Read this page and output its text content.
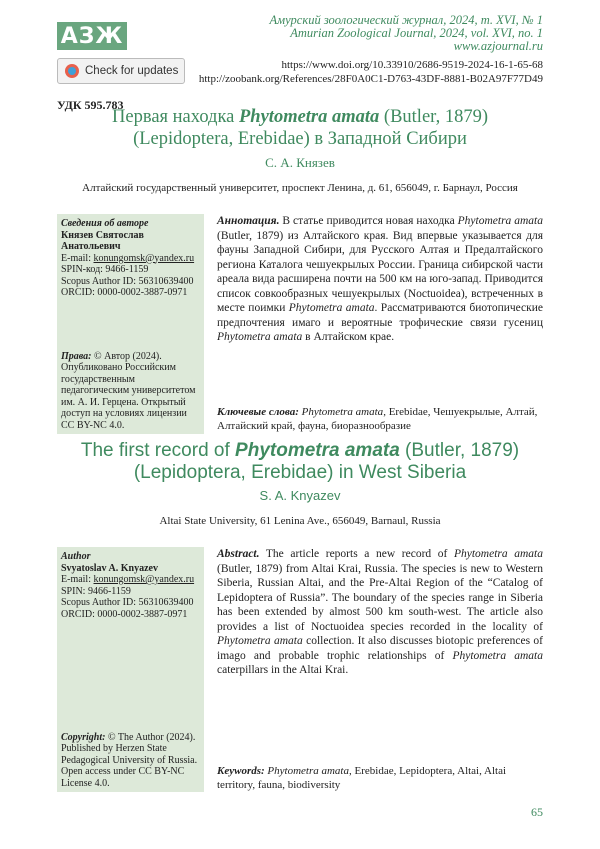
АЗЖ
Амурский зоологический журнал, 2024, т. XVI, № 1
Amurian Zoological Journal, 2024, vol. XVI, no. 1
www.azjournal.ru
Check for updates	https://www.doi.org/10.33910/2686-9519-2024-16-1-65-68
http://zoobank.org/References/28F0A0C1-D763-43DF-8881-B02A97F77D49
УДК 595.783
Первая находка Phytometra amata (Butler, 1879)
(Lepidoptera, Erebidae) в Западной Сибири
С. А. Князев
Алтайский государственный университет, проспект Ленина, д. 61, 656049, г. Барнаул, Россия
Сведения об авторе
Князев Святослав Анатольевич
E-mail: konungomsk@yandex.ru
SPIN-код: 9466-1159
Scopus Author ID: 56310639400
ORCID: 0000-0002-3887-0971
Права: © Автор (2024). Опубликовано Российским государственным педагогическим университетом им. А. И. Герцена. Открытый доступ на условиях лицензии CC BY-NC 4.0.
Аннотация. В статье приводится новая находка Phytometra amata (Butler, 1879) из Алтайского края. Вид впервые указывается для фауны Западной Сибири, для Русского Алтая и Предалтайского региона Каталога чешуекрылых России. Граница сибирской части ареала вида расширена почти на 500 км на юго-запад. Приводится список совкообразных чешуекрылых (Noctuoidea), встреченных в месте поимки Phytometra amata. Рассматриваются биотопические предпочтения имаго и вероятные трофические связи гусениц Phytometra amata в Алтайском крае.
Ключевые слова: Phytometra amata, Erebidae, Чешуекрылые, Алтай, Алтайский край, фауна, биоразнообразие
The first record of Phytometra amata (Butler, 1879)
(Lepidoptera, Erebidae) in West Siberia
S. A. Knyazev
Altai State University, 61 Lenina Ave., 656049, Barnaul, Russia
Author
Svyatoslav A. Knyazev
E-mail: konungomsk@yandex.ru
SPIN: 9466-1159
Scopus Author ID: 56310639400
ORCID: 0000-0002-3887-0971
Copyright: © The Author (2024). Published by Herzen State Pedagogical University of Russia. Open access under CC BY-NC License 4.0.
Abstract. The article reports a new record of Phytometra amata (Butler, 1879) from Altai Krai, Russia. The species is new to Western Siberia, Russian Altai, and the Pre-Altai Region of the “Catalog of Lepidoptera of Russia”. The boundary of the species range in Siberia has been extended by almost 500 km south-west. The article also provides a list of Noctuoidea species recorded in the locality of Phytometra amata collection. It also discusses biotopic preferences of imago and probable trophic relationships of Phytometra amata caterpillars in the Altai Krai.
Keywords: Phytometra amata, Erebidae, Lepidoptera, Altai, Altai territory, fauna, biodiversity
65
